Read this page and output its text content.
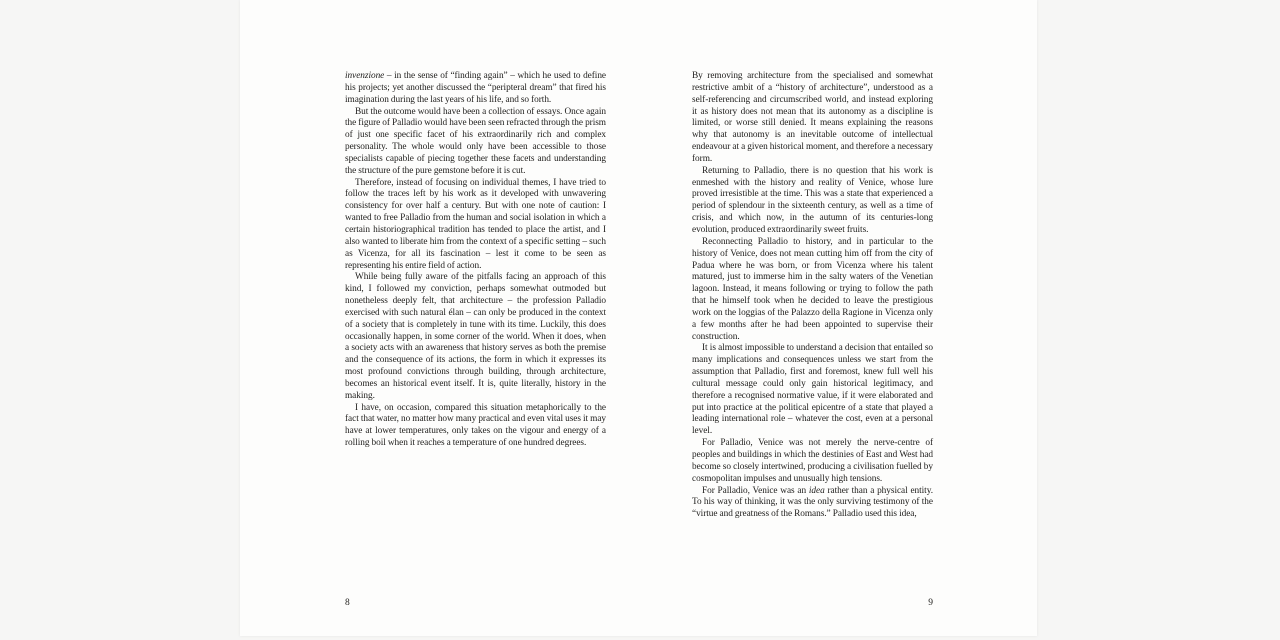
invenzione – in the sense of “finding again” – which he used to define his projects; yet another discussed the “peripteral dream” that fired his imagination during the last years of his life, and so forth.

But the outcome would have been a collection of essays. Once again the figure of Palladio would have been seen refracted through the prism of just one specific facet of his extraordinarily rich and complex personality. The whole would only have been accessible to those specialists capable of piecing together these facets and understanding the structure of the pure gemstone before it is cut.

Therefore, instead of focusing on individual themes, I have tried to follow the traces left by his work as it developed with unwavering consistency for over half a century. But with one note of caution: I wanted to free Palladio from the human and social isolation in which a certain historiographical tradition has tended to place the artist, and I also wanted to liberate him from the context of a specific setting – such as Vicenza, for all its fascination – lest it come to be seen as representing his entire field of action.

While being fully aware of the pitfalls facing an approach of this kind, I followed my conviction, perhaps somewhat outmoded but nonetheless deeply felt, that architecture – the profession Palladio exercised with such natural élan – can only be produced in the context of a society that is completely in tune with its time. Luckily, this does occasionally happen, in some corner of the world. When it does, when a society acts with an awareness that history serves as both the premise and the consequence of its actions, the form in which it expresses its most profound convictions through building, through architecture, becomes an historical event itself. It is, quite literally, history in the making.

I have, on occasion, compared this situation metaphorically to the fact that water, no matter how many practical and even vital uses it may have at lower temperatures, only takes on the vigour and energy of a rolling boil when it reaches a temperature of one hundred degrees.

By removing architecture from the specialised and somewhat restrictive ambit of a “history of architecture”, understood as a self-referencing and circumscribed world, and instead exploring it as history does not mean that its autonomy as a discipline is limited, or worse still denied. It means explaining the reasons why that autonomy is an inevitable outcome of intellectual endeavour at a given historical moment, and therefore a necessary form.

Returning to Palladio, there is no question that his work is enmeshed with the history and reality of Venice, whose lure proved irresistible at the time. This was a state that experienced a period of splendour in the sixteenth century, as well as a time of crisis, and which now, in the autumn of its centuries-long evolution, produced extraordinarily sweet fruits.

Reconnecting Palladio to history, and in particular to the history of Venice, does not mean cutting him off from the city of Padua where he was born, or from Vicenza where his talent matured, just to immerse him in the salty waters of the Venetian lagoon. Instead, it means following or trying to follow the path that he himself took when he decided to leave the prestigious work on the loggias of the Palazzo della Ragione in Vicenza only a few months after he had been appointed to supervise their construction.

It is almost impossible to understand a decision that entailed so many implications and consequences unless we start from the assumption that Palladio, first and foremost, knew full well his cultural message could only gain historical legitimacy, and therefore a recognised normative value, if it were elaborated and put into practice at the political epicentre of a state that played a leading international role – whatever the cost, even at a personal level.

For Palladio, Venice was not merely the nerve-centre of peoples and buildings in which the destinies of East and West had become so closely intertwined, producing a civilisation fuelled by cosmopolitan impulses and unusually high tensions.

For Palladio, Venice was an idea rather than a physical entity. To his way of thinking, it was the only surviving testimony of the “virtue and greatness of the Romans.” Palladio used this idea,

8	9
